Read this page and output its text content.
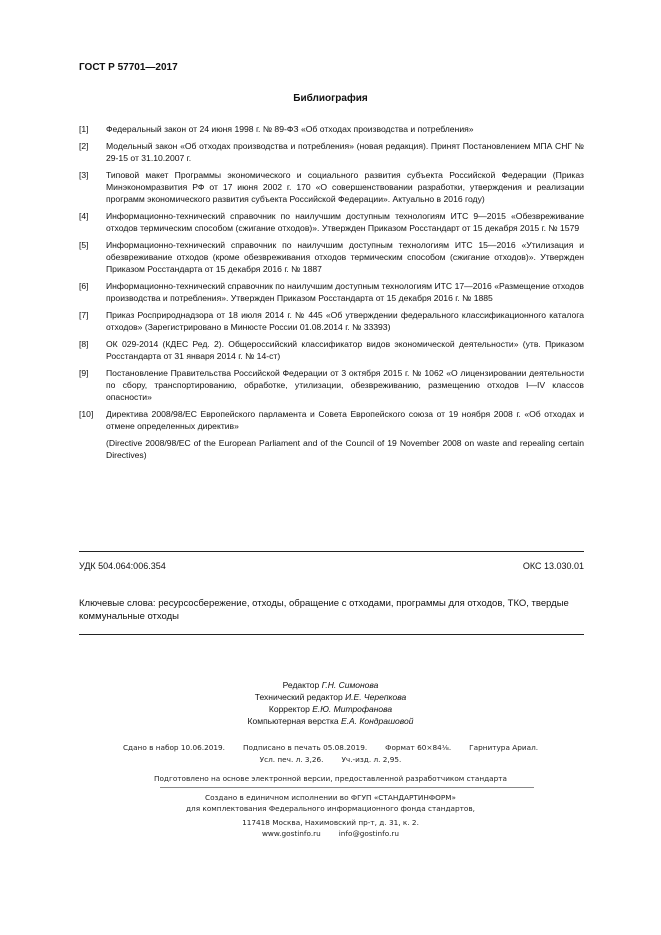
ГОСТ Р 57701—2017
Библиография
[1]	Федеральный закон от 24 июня 1998 г. № 89-ФЗ «Об отходах производства и потребления»
[2]	Модельный закон «Об отходах производства и потребления» (новая редакция). Принят Постановлением МПА СНГ № 29-15 от 31.10.2007 г.
[3]	Типовой макет Программы экономического и социального развития субъекта Российской Федерации (Приказ Минэкономразвития РФ от 17 июня 2002 г. 170 «О совершенствовании разработки, утверждения и реализации программ экономического развития субъекта Российской Федерации». Актуально в 2016 году)
[4]	Информационно-технический справочник по наилучшим доступным технологиям ИТС 9—2015 «Обезвреживание отходов термическим способом (сжигание отходов)». Утвержден Приказом Росстандарт от 15 декабря 2015 г. № 1579
[5]	Информационно-технический справочник по наилучшим доступным технологиям ИТС 15—2016 «Утилизация и обезвреживание отходов (кроме обезвреживания отходов термическим способом (сжигание отходов)». Утвержден Приказом Росстандарта от 15 декабря 2016 г. № 1887
[6]	Информационно-технический справочник по наилучшим доступным технологиям ИТС 17—2016 «Размещение отходов производства и потребления». Утвержден Приказом Росстандарта от 15 декабря 2016 г. № 1885
[7]	Приказ Росприроднадзора от 18 июля 2014 г. № 445 «Об утверждении федерального классификационного каталога отходов» (Зарегистрировано в Минюсте России 01.08.2014 г. № 33393)
[8]	ОК 029-2014 (КДЕС Ред. 2). Общероссийский классификатор видов экономической деятельности» (утв. Приказом Росстандарта от 31 января 2014 г. № 14-ст)
[9]	Постановление Правительства Российской Федерации от 3 октября 2015 г. № 1062 «О лицензировании деятельности по сбору, транспортированию, обработке, утилизации, обезвреживанию, размещению отходов I—IV классов опасности»
[10]	Директива 2008/98/ЕС Европейского парламента и Совета Европейского союза от 19 ноября 2008 г. «Об отходах и отмене определенных директив»
(Directive 2008/98/EC of the European Parliament and of the Council of 19 November 2008 on waste and repealing certain Directives)
УДК 504.064:006.354	ОКС 13.030.01
Ключевые слова: ресурсосбережение, отходы, обращение с отходами, программы для отходов, ТКО, твердые коммунальные отходы
Редактор Г.Н. Симонова
Технический редактор И.Е. Черепкова
Корректор Е.Ю. Митрофанова
Компьютерная верстка Е.А. Кондрашовой
Сдано в набор 10.06.2019. Подписано в печать 05.08.2019. Формат 60×84⅛. Гарнитура Ариал.
Усл. печ. л. 3,26. Уч.-изд. л. 2,95.
Подготовлено на основе электронной версии, предоставленной разработчиком стандарта
Создано в единичном исполнении во ФГУП «СТАНДАРТИНФОРМ»
для комплектования Федерального информационного фонда стандартов,
117418 Москва, Нахимовский пр-т, д. 31, к. 2.
www.gostinfo.ru info@gostinfo.ru
